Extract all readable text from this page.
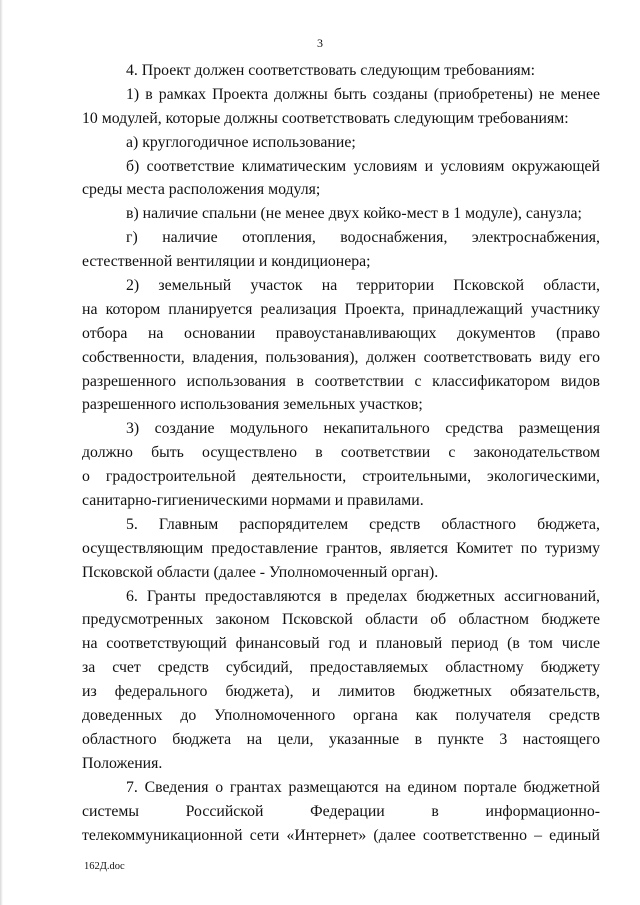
3
4. Проект должен соответствовать следующим требованиям:
1) в рамках Проекта должны быть созданы (приобретены) не менее
10 модулей, которые должны соответствовать следующим требованиям:
а) круглогодичное использование;
б) соответствие климатическим условиям и условиям окружающей
среды места расположения модуля;
в) наличие спальни (не менее двух койко-мест в 1 модуле), санузла;
г) наличие отопления, водоснабжения, электроснабжения,
естественной вентиляции и кондиционера;
2) земельный участок на территории Псковской области,
на котором планируется реализация Проекта, принадлежащий участнику
отбора на основании правоустанавливающих документов (право
собственности, владения, пользования), должен соответствовать виду его
разрешенного использования в соответствии с классификатором видов
разрешенного использования земельных участков;
3) создание модульного некапитального средства размещения
должно быть осуществлено в соответствии с законодательством
о градостроительной деятельности, строительными, экологическими,
санитарно-гигиеническими нормами и правилами.
5. Главным распорядителем средств областного бюджета,
осуществляющим предоставление грантов, является Комитет по туризму
Псковской области (далее - Уполномоченный орган).
6. Гранты предоставляются в пределах бюджетных ассигнований,
предусмотренных законом Псковской области об областном бюджете
на соответствующий финансовый год и плановый период (в том числе
за счет средств субсидий, предоставляемых областному бюджету
из федерального бюджета), и лимитов бюджетных обязательств,
доведенных до Уполномоченного органа как получателя средств
областного бюджета на цели, указанные в пункте 3 настоящего
Положения.
7. Сведения о грантах размещаются на едином портале бюджетной
системы Российской Федерации в информационно-
телекоммуникационной сети «Интернет» (далее соответственно – единый
162Д.doc
